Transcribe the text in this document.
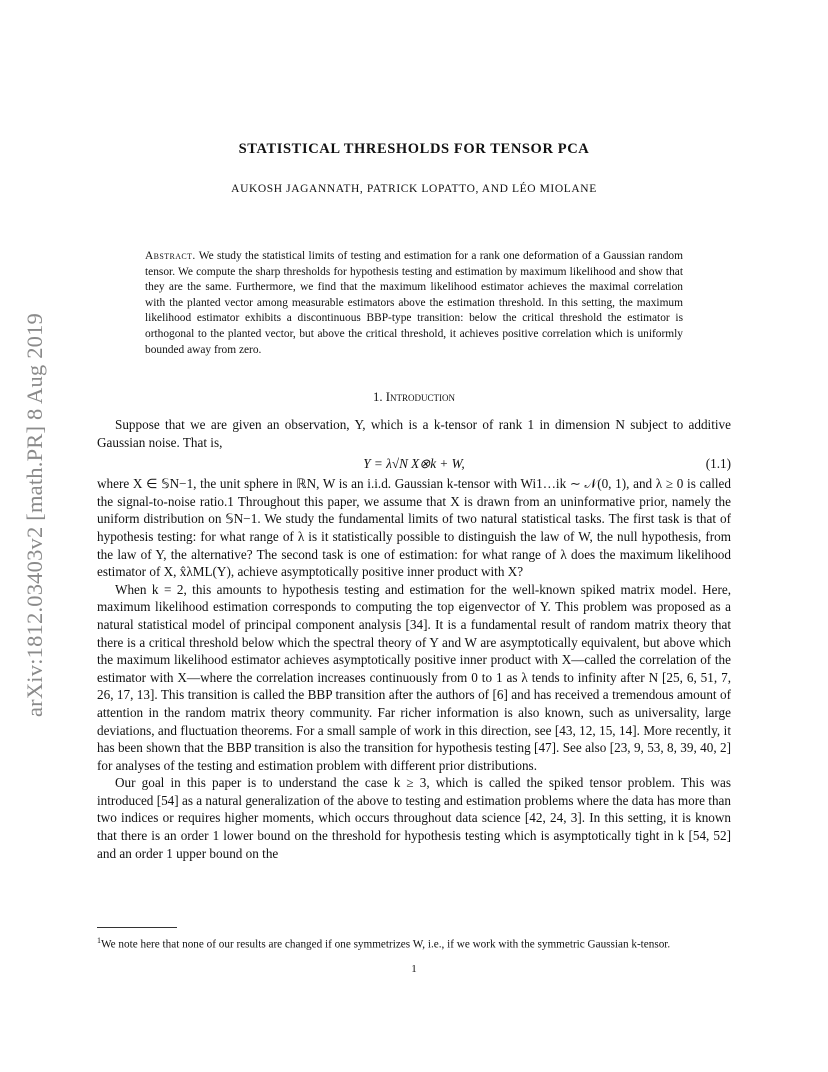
arXiv:1812.03403v2 [math.PR] 8 Aug 2019
STATISTICAL THRESHOLDS FOR TENSOR PCA
AUKOSH JAGANNATH, PATRICK LOPATTO, AND LÉO MIOLANE
Abstract. We study the statistical limits of testing and estimation for a rank one deformation of a Gaussian random tensor. We compute the sharp thresholds for hypothesis testing and estimation by maximum likelihood and show that they are the same. Furthermore, we find that the maximum likelihood estimator achieves the maximal correlation with the planted vector among measurable estimators above the estimation threshold. In this setting, the maximum likelihood estimator exhibits a discontinuous BBP-type transition: below the critical threshold the estimator is orthogonal to the planted vector, but above the critical threshold, it achieves positive correlation which is uniformly bounded away from zero.
1. Introduction

Suppose that we are given an observation, Y, which is a k-tensor of rank 1 in dimension N subject to additive Gaussian noise. That is,

Y = λ√N X⊗k + W,	(1.1)

where X ∈ 𝕊N−1, the unit sphere in ℝN, W is an i.i.d. Gaussian k-tensor with Wi1…ik ∼ 𝒩(0, 1), and λ ≥ 0 is called the signal-to-noise ratio.1 Throughout this paper, we assume that X is drawn from an uninformative prior, namely the uniform distribution on 𝕊N−1. We study the fundamental limits of two natural statistical tasks. The first task is that of hypothesis testing: for what range of λ is it statistically possible to distinguish the law of W, the null hypothesis, from the law of Y, the alternative? The second task is one of estimation: for what range of λ does the maximum likelihood estimator of X, x̂λML(Y), achieve asymptotically positive inner product with X?

When k = 2, this amounts to hypothesis testing and estimation for the well-known spiked matrix model. Here, maximum likelihood estimation corresponds to computing the top eigenvector of Y. This problem was proposed as a natural statistical model of principal component analysis [34]. It is a fundamental result of random matrix theory that there is a critical threshold below which the spectral theory of Y and W are asymptotically equivalent, but above which the maximum likelihood estimator achieves asymptotically positive inner product with X—called the correlation of the estimator with X—where the correlation increases continuously from 0 to 1 as λ tends to infinity after N [25, 6, 51, 7, 26, 17, 13]. This transition is called the BBP transition after the authors of [6] and has received a tremendous amount of attention in the random matrix theory community. Far richer information is also known, such as universality, large deviations, and fluctuation theorems. For a small sample of work in this direction, see [43, 12, 15, 14]. More recently, it has been shown that the BBP transition is also the transition for hypothesis testing [47]. See also [23, 9, 53, 8, 39, 40, 2] for analyses of the testing and estimation problem with different prior distributions.

Our goal in this paper is to understand the case k ≥ 3, which is called the spiked tensor problem. This was introduced [54] as a natural generalization of the above to testing and estimation problems where the data has more than two indices or requires higher moments, which occurs throughout data science [42, 24, 3]. In this setting, it is known that there is an order 1 lower bound on the threshold for hypothesis testing which is asymptotically tight in k [54, 52] and an order 1 upper bound on the

$^1$We note here that none of our results are changed if one symmetrizes W, i.e., if we work with the symmetric Gaussian k-tensor.
1
